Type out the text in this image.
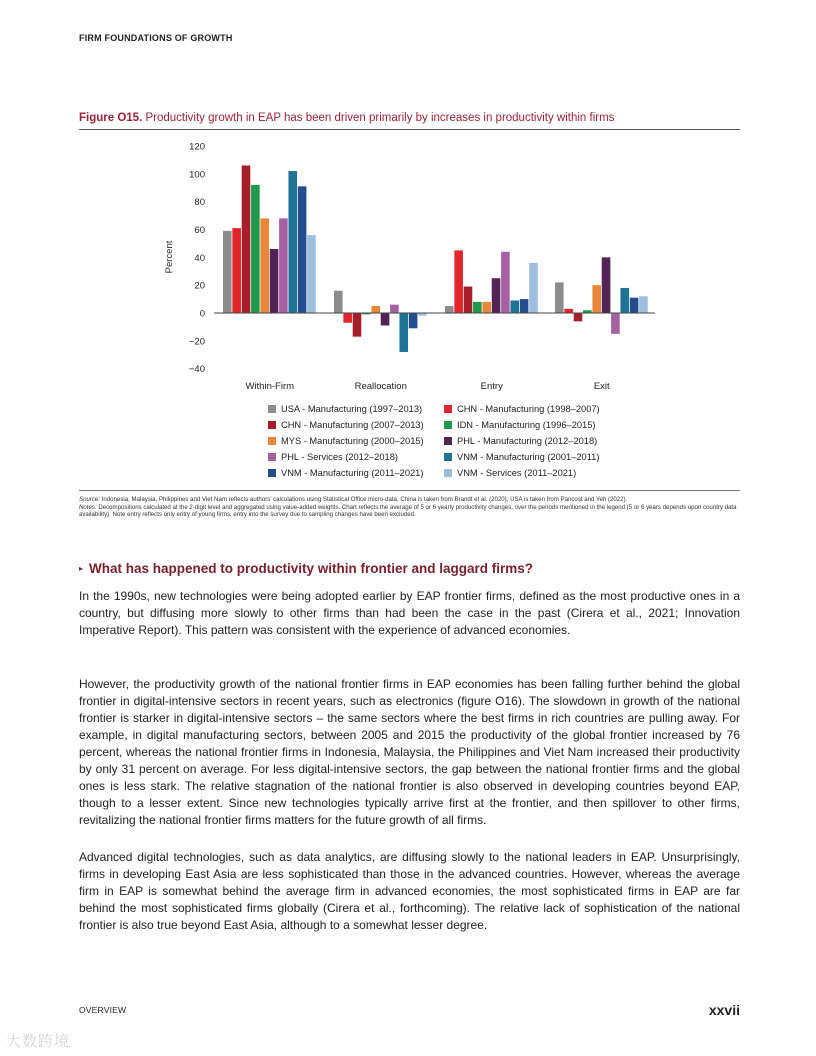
FIRM FOUNDATIONS OF GROWTH
Figure O15. Productivity growth in EAP has been driven primarily by increases in productivity within firms
120
100
80
60
40
20
0
−20
−40
Percent
Within-Firm	Reallocation	Entry	Exit
USA - Manufacturing (1997–2013)	CHN - Manufacturing (1998–2007)
CHN - Manufacturing (2007–2013)	IDN - Manufacturing (1996–2015)
MYS - Manufacturing (2000–2015)	PHL - Manufacturing (2012–2018)
PHL - Services (2012–2018)	VNM - Manufacturing (2001–2011)
VNM - Manufacturing (2011–2021)	VNM - Services (2011–2021)
Source: Indonesia, Malaysia, Philippines and Viet Nam reflects authors’ calculations using Statistical Office micro-data, China is taken from Brandt et al. (2020), USA is taken from Pancost and Yeh (2022).
Notes: Decompositions calculated at the 2-digit level and aggregated using value-added weights. Chart reflects the average of 5 or 6 yearly productivity changes, over the periods mentioned in the legend (5 or 6 years depends upon country data availability). Note entry reflects only entry of young firms, entry into the survey due to sampling changes have been excluded.
▸ What has happened to productivity within frontier and laggard firms?

In the 1990s, new technologies were being adopted earlier by EAP frontier firms, defined as the most productive ones in a country, but diffusing more slowly to other firms than had been the case in the past (Cirera et al., 2021; Innovation Imperative Report). This pattern was consistent with the experience of advanced economies.

However, the productivity growth of the national frontier firms in EAP economies has been falling further behind the global frontier in digital-intensive sectors in recent years, such as electronics (figure O16). The slowdown in growth of the national frontier is starker in digital-intensive sectors – the same sectors where the best firms in rich countries are pulling away. For example, in digital manufacturing sectors, between 2005 and 2015 the productivity of the global frontier increased by 76 percent, whereas the national frontier firms in Indonesia, Malaysia, the Philippines and Viet Nam increased their productivity by only 31 percent on average. For less digital-intensive sectors, the gap between the national frontier firms and the global ones is less stark. The relative stagnation of the national frontier is also observed in developing countries beyond EAP, though to a lesser extent. Since new technologies typically arrive first at the frontier, and then spillover to other firms, revitalizing the national frontier firms matters for the future growth of all firms.

Advanced digital technologies, such as data analytics, are diffusing slowly to the national leaders in EAP. Unsurprisingly, firms in developing East Asia are less sophisticated than those in the advanced countries. However, whereas the average firm in EAP is somewhat behind the average firm in advanced economies, the most sophisticated firms in EAP are far behind the most sophisticated firms globally (Cirera et al., forthcoming). The relative lack of sophistication of the national frontier is also true beyond East Asia, although to a somewhat lesser degree.

OVERVIEW	xxvii
大数跨境
